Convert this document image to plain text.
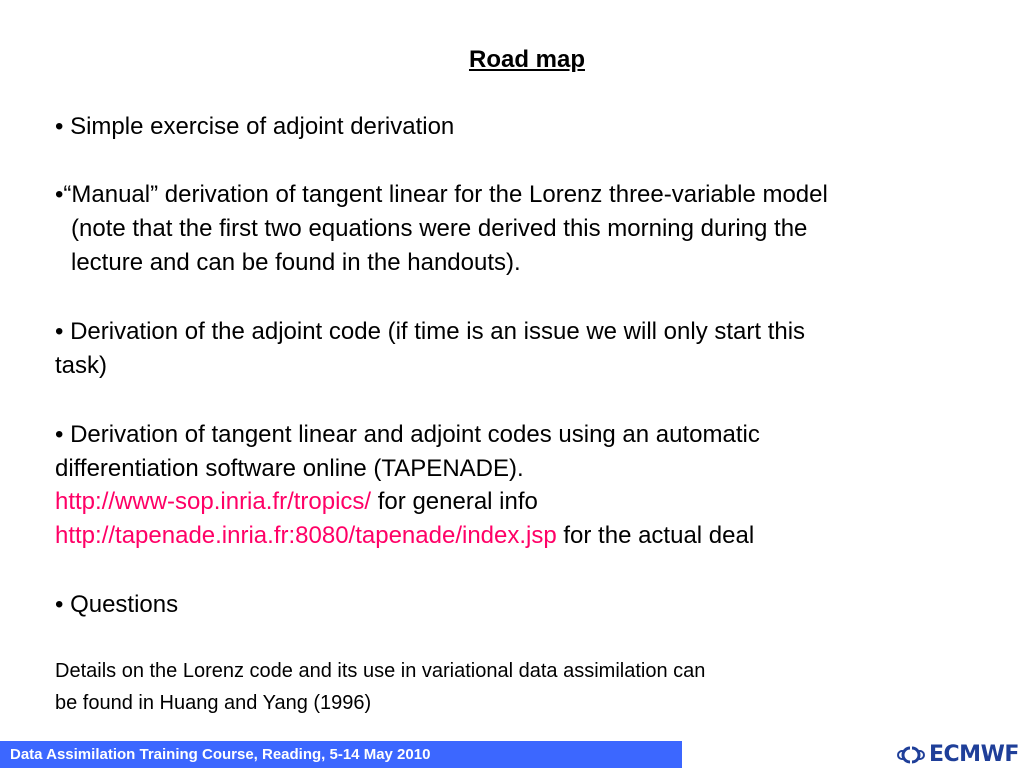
Road map
• Simple exercise of adjoint derivation
•“Manual” derivation of tangent linear for the Lorenz three-variable model
(note that the first two equations were derived this morning during the
lecture and can be found in the handouts).
• Derivation of the adjoint code (if time is an issue we will only start this
task)
• Derivation of tangent linear and adjoint codes using an automatic
differentiation software online (TAPENADE).
http://www-sop.inria.fr/tropics/ for general info
http://tapenade.inria.fr:8080/tapenade/index.jsp for the actual deal
• Questions
Details on the Lorenz code and its use in variational data assimilation can
be found in Huang and Yang (1996)
Data Assimilation Training Course, Reading, 5-14 May 2010	ECMWF
